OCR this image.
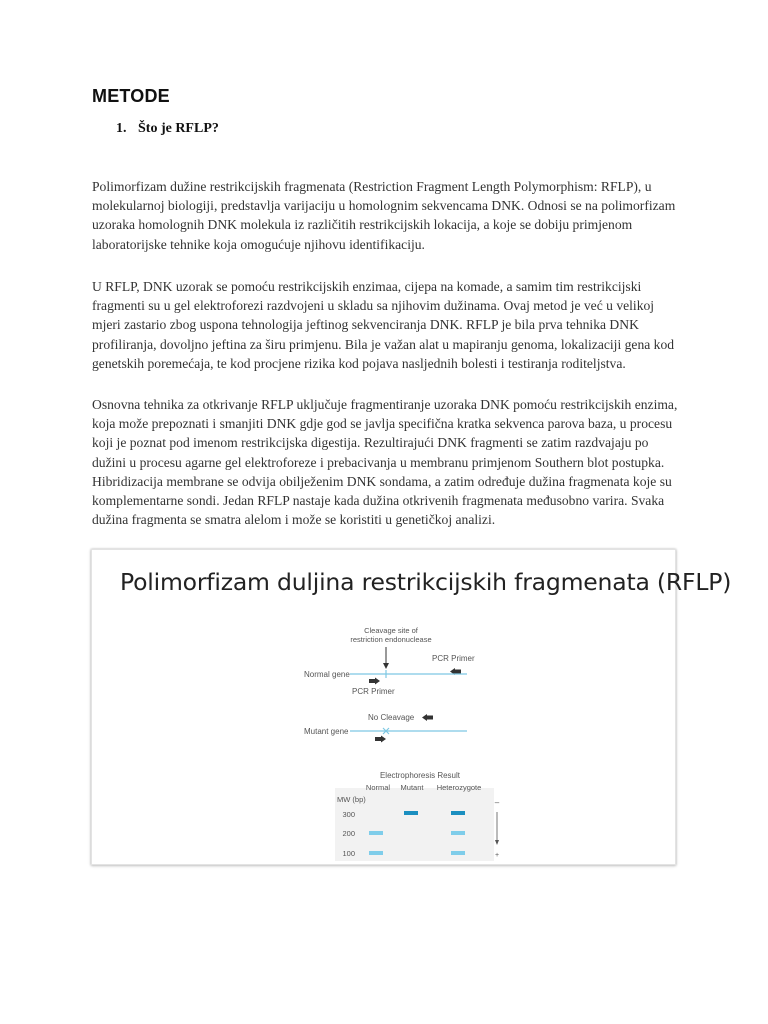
METODE
1. Što je RFLP?

Polimorfizam dužine restrikcijskih fragmenata (Restriction Fragment Length Polymorphism: RFLP), u molekularnoj biologiji, predstavlja varijaciju u homolognim sekvencama DNK. Odnosi se na polimorfizam uzoraka homolognih DNK molekula iz različitih restrikcijskih lokacija, a koje se dobiju primjenom laboratorijske tehnike koja omogućuje njihovu identifikaciju.

U RFLP, DNK uzorak se pomoću restrikcijskih enzimaa, cijepa na komade, a samim tim restrikcijski fragmenti su u gel elektroforezi razdvojeni u skladu sa njihovim dužinama. Ovaj metod je već u velikoj mjeri zastario zbog uspona tehnologija jeftinog sekvenciranja DNK. RFLP je bila prva tehnika DNK profiliranja, dovoljno jeftina za širu primjenu. Bila je važan alat u mapiranju genoma, lokalizaciji gena kod genetskih poremećaja, te kod procjene rizika kod pojava nasljednih bolesti i testiranja roditeljstva.

Osnovna tehnika za otkrivanje RFLP uključuje fragmentiranje uzoraka DNK pomoću restrikcijskih enzima, koja može prepoznati i smanjiti DNK gdje god se javlja specifična kratka sekvenca parova baza, u procesu koji je poznat pod imenom restrikcijska digestija. Rezultirajući DNK fragmenti se zatim razdvajaju po dužini u procesu agarne gel elektroforeze i prebacivanja u membranu primjenom Southern blot postupka. Hibridizacija membrane se odvija obilježenim DNK sondama, a zatim određuje dužina fragmenata koje su komplementarne sondi. Jedan RFLP nastaje kada dužina otkrivenih fragmenata međusobno varira. Svaka dužina fragmenta se smatra alelom i može se koristiti u genetičkoj analizi.

Polimorfizam duljina restrikcijskih fragmenata (RFLP)
Cleavage site of
restriction endonuclease
PCR Primer
Normal gene
PCR Primer
No Cleavage
Mutant gene
Electrophoresis Result
Normal Mutant Heterozygote
MW (bp)
300
200
100
–
+
